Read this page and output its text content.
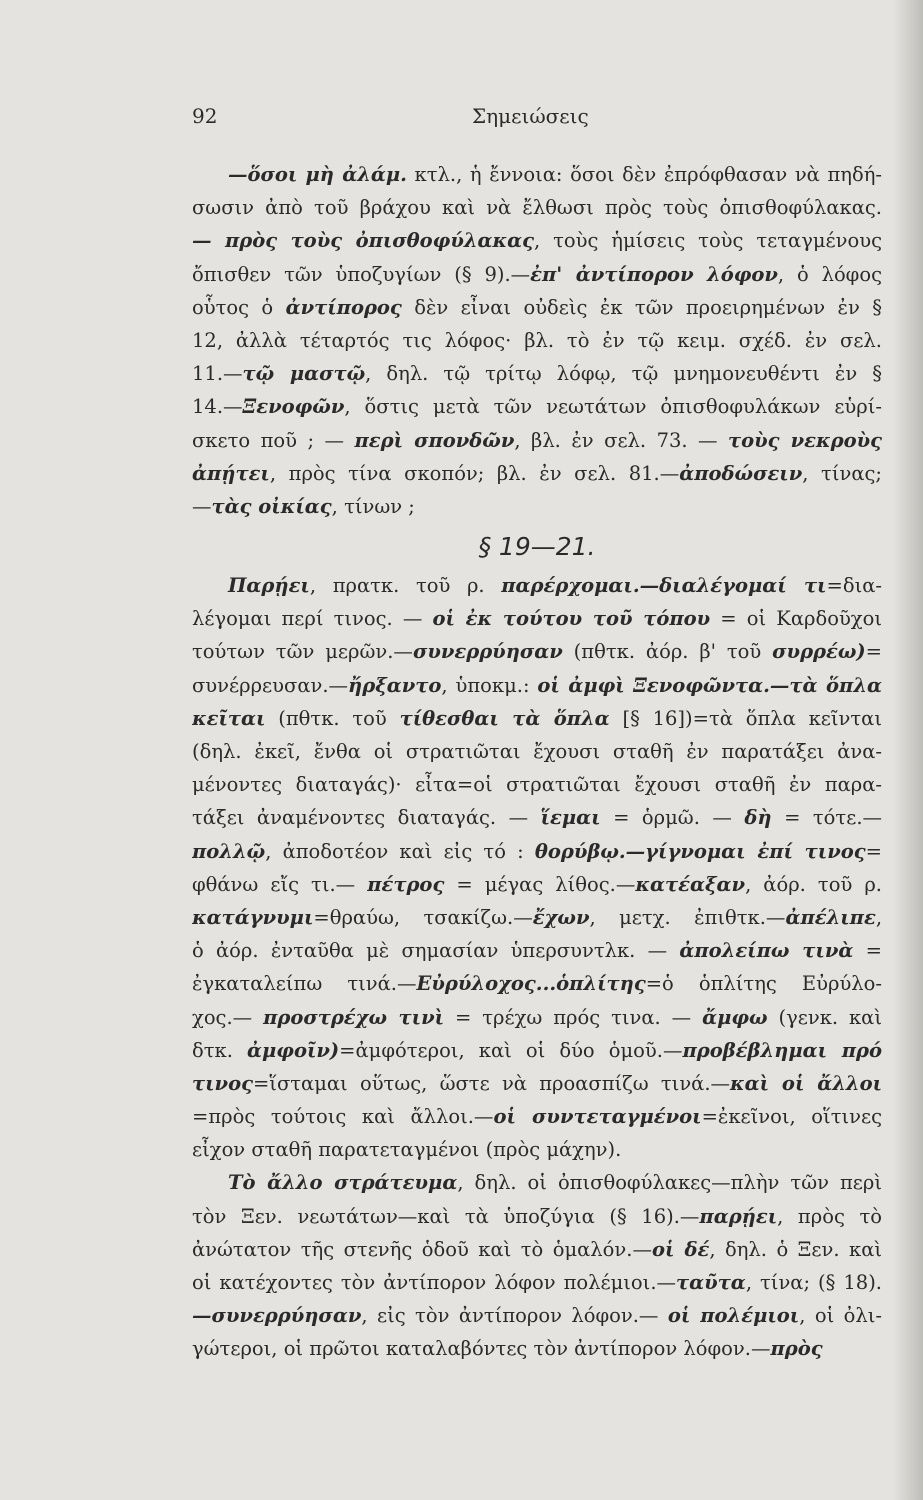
92	Σημειώσεις
—ὅσοι μὴ ἀλάμ. κτλ., ἡ ἔννοια: ὅσοι δὲν ἐπρόφθασαν νὰ πηδή-
σωσιν ἀπὸ τοῦ βράχου καὶ νὰ ἔλθωσι πρὸς τοὺς ὀπισθοφύλακας.
— πρὸς τοὺς ὀπισθοφύλακας, τοὺς ἡμίσεις τοὺς τεταγμένους
ὄπισθεν τῶν ὑποζυγίων (§ 9).—ἐπ' ἀντίπορον λόφον, ὁ λόφος
οὗτος ὁ ἀντίπορος δὲν εἶναι οὐδεὶς ἐκ τῶν προειρημένων ἐν §
12, ἀλλὰ τέταρτός τις λόφος· βλ. τὸ ἐν τῷ κειμ. σχέδ. ἐν σελ.
11.—τῷ μαστῷ, δηλ. τῷ τρίτῳ λόφῳ, τῷ μνημονευθέντι ἐν §
14.—Ξενοφῶν, ὅστις μετὰ τῶν νεωτάτων ὀπισθοφυλάκων εὑρί-
σκετο ποῦ ; — περὶ σπονδῶν, βλ. ἐν σελ. 73. — τοὺς νεκροὺς
ἀπῄτει, πρὸς τίνα σκοπόν; βλ. ἐν σελ. 81.—ἀποδώσειν, τίνας;
—τὰς οἰκίας, τίνων ;
§ 19—21.
Παρῄει, πρατκ. τοῦ ρ. παρέρχομαι.—διαλέγομαί τι=δια-
λέγομαι περί τινος. — οἱ ἐκ τούτου τοῦ τόπου = οἱ Καρδοῦχοι
τούτων τῶν μερῶν.—συνερρύησαν (πθτκ. ἀόρ. β' τοῦ συρρέω)=
συνέρρευσαν.—ἤρξαντο, ὑποκμ.: οἱ ἀμφὶ Ξενοφῶντα.—τὰ ὅπλα
κεῖται (πθτκ. τοῦ τίθεσθαι τὰ ὅπλα [§ 16])=τὰ ὅπλα κεῖνται
(δηλ. ἐκεῖ, ἔνθα οἱ στρατιῶται ἔχουσι σταθῆ ἐν παρατάξει ἀνα-
μένοντες διαταγάς)· εἶτα=οἱ στρατιῶται ἔχουσι σταθῆ ἐν παρα-
τάξει ἀναμένοντες διαταγάς. — ἵεμαι = ὁρμῶ. — δὴ = τότε.—
πολλῷ, ἀποδοτέον καὶ εἰς τό : θορύβῳ.—γίγνομαι ἐπί τινος=
φθάνω εἴς τι.— πέτρος = μέγας λίθος.—κατέαξαν, ἀόρ. τοῦ ρ.
κατάγνυμι=θραύω, τσακίζω.—ἔχων, μετχ. ἐπιθτκ.—ἀπέλιπε,
ὁ ἀόρ. ἐνταῦθα μὲ σημασίαν ὑπερσυντλκ. — ἀπολείπω τινὰ =
ἐγκαταλείπω τινά.—Εὐρύλοχος...ὁπλίτης=ὁ ὁπλίτης Εὐρύλο-
χος.— προστρέχω τινὶ = τρέχω πρός τινα. — ἄμφω (γενκ. καὶ
δτκ. ἀμφοῖν)=ἀμφότεροι, καὶ οἱ δύο ὁμοῦ.—προβέβλημαι πρό
τινος=ἵσταμαι οὕτως, ὥστε νὰ προασπίζω τινά.—καὶ οἱ ἄλλοι
=πρὸς τούτοις καὶ ἄλλοι.—οἱ συντεταγμένοι=ἐκεῖνοι, οἵτινες
εἶχον σταθῆ παρατεταγμένοι (πρὸς μάχην).
Τὸ ἄλλο στράτευμα, δηλ. οἱ ὀπισθοφύλακες—πλὴν τῶν περὶ
τὸν Ξεν. νεωτάτων—καὶ τὰ ὑποζύγια (§ 16).—παρῄει, πρὸς τὸ
ἀνώτατον τῆς στενῆς ὁδοῦ καὶ τὸ ὁμαλόν.—οἱ δέ, δηλ. ὁ Ξεν. καὶ
οἱ κατέχοντες τὸν ἀντίπορον λόφον πολέμιοι.—ταῦτα, τίνα; (§ 18).
—συνερρύησαν, εἰς τὸν ἀντίπορον λόφον.— οἱ πολέμιοι, οἱ ὀλι-
γώτεροι, οἱ πρῶτοι καταλαβόντες τὸν ἀντίπορον λόφον.—πρὸς
